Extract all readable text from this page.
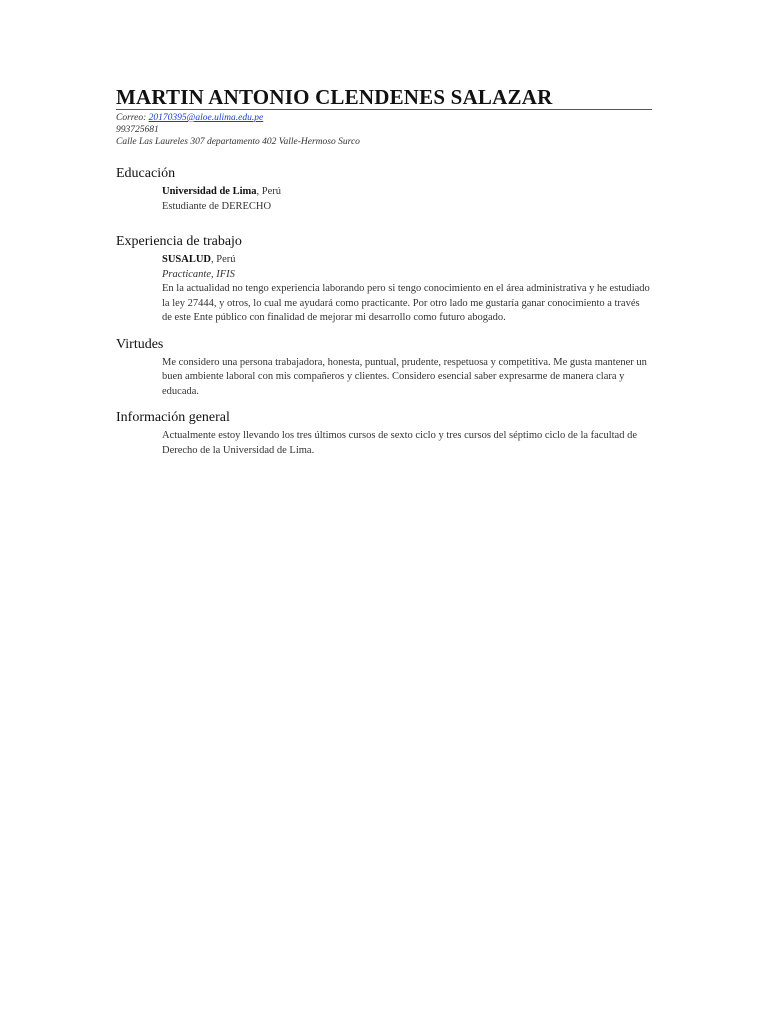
MARTIN ANTONIO CLENDENES SALAZAR
Correo: 20170395@aloe.ulima.edu.pe
993725681
Calle Las Laureles 307 departamento 402 Valle-Hermoso Surco
Educación
Universidad de Lima, Perú
Estudiante de DERECHO
Experiencia de trabajo
SUSALUD, Perú
Practicante, IFIS
En la actualidad no tengo experiencia laborando pero si tengo conocimiento en el área administrativa y he estudiado la ley 27444, y otros, lo cual me ayudará como practicante. Por otro lado me gustaría ganar conocimiento a través de este Ente público con finalidad de mejorar mi desarrollo como futuro abogado.
Virtudes
Me considero una persona trabajadora, honesta, puntual, prudente, respetuosa y competitiva. Me gusta mantener un buen ambiente laboral con mis compañeros y clientes. Considero esencial saber expresarme de manera clara y educada.
Información general
Actualmente estoy llevando los tres últimos cursos de sexto ciclo y tres cursos del séptimo ciclo de la facultad de Derecho de la Universidad de Lima.
